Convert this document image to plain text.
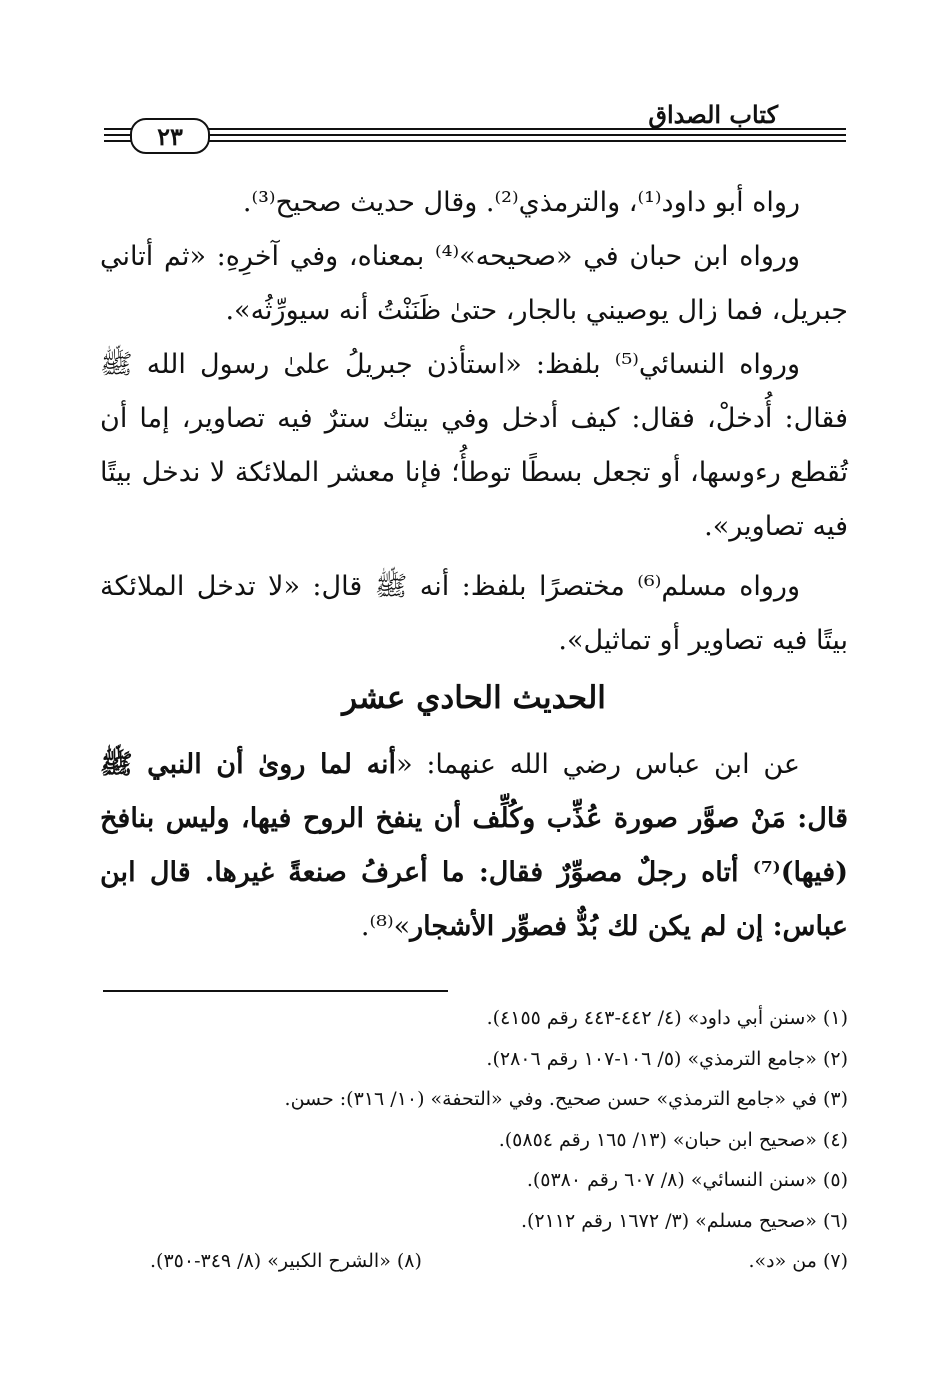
كتاب الصداق
٢٣

رواه أبو داود⁽¹⁾، والترمذي⁽²⁾. وقال حديث صحيح⁽³⁾.

ورواه ابن حبان في «صحيحه»⁽⁴⁾ بمعناه، وفي آخرِهِ: «ثم أتاني جبريل، فما زال يوصيني بالجار، حتىٰ ظَنَنْتُ أنه سيورِّثُه».

ورواه النسائي⁽⁵⁾ بلفظ: «استأذن جبريلُ علىٰ رسول الله ﷺ فقال: أُدخلْ، فقال: كيف أدخل وفي بيتك سترٌ فيه تصاوير، إما أن تُقطع رءوسها، أو تجعل بسطًا توطأُ؛ فإنا معشر الملائكة لا ندخل بيتًا فيه تصاوير».

ورواه مسلم⁽⁶⁾ مختصرًا بلفظ: أنه ﷺ قال: «لا تدخل الملائكة بيتًا فيه تصاوير أو تماثيل».

الحديث الحادي عشر

عن ابن عباس رضي الله عنهما: «أنه لما روىٰ أن النبي ﷺ قال: مَنْ صوَّر صورة عُذِّب وكُلِّف أن ينفخ الروح فيها، وليس بنافخ (فيها)⁽⁷⁾ أتاه رجلٌ مصوِّرٌ فقال: ما أعرفُ صنعةً غيرها. قال ابن عباس: إن لم يكن لك بُدٌّ فصوِّر الأشجار»⁽⁸⁾.

(١) «سنن أبي داود» (٤/ ٤٤٢-٤٤٣ رقم ٤١٥٥).

(٢) «جامع الترمذي» (٥/ ١٠٦-١٠٧ رقم ٢٨٠٦).

(٣) في «جامع الترمذي» حسن صحيح. وفي «التحفة» (١٠/ ٣١٦): حسن.

(٤) «صحيح ابن حبان» (١٣/ ١٦٥ رقم ٥٨٥٤).

(٥) «سنن النسائي» (٨/ ٦٠٧ رقم ٥٣٨٠).

(٦) «صحيح مسلم» (٣/ ١٦٧٢ رقم ٢١١٢).

(٧) من «د».
(٨) «الشرح الكبير» (٨/ ٣٤٩-٣٥٠).
